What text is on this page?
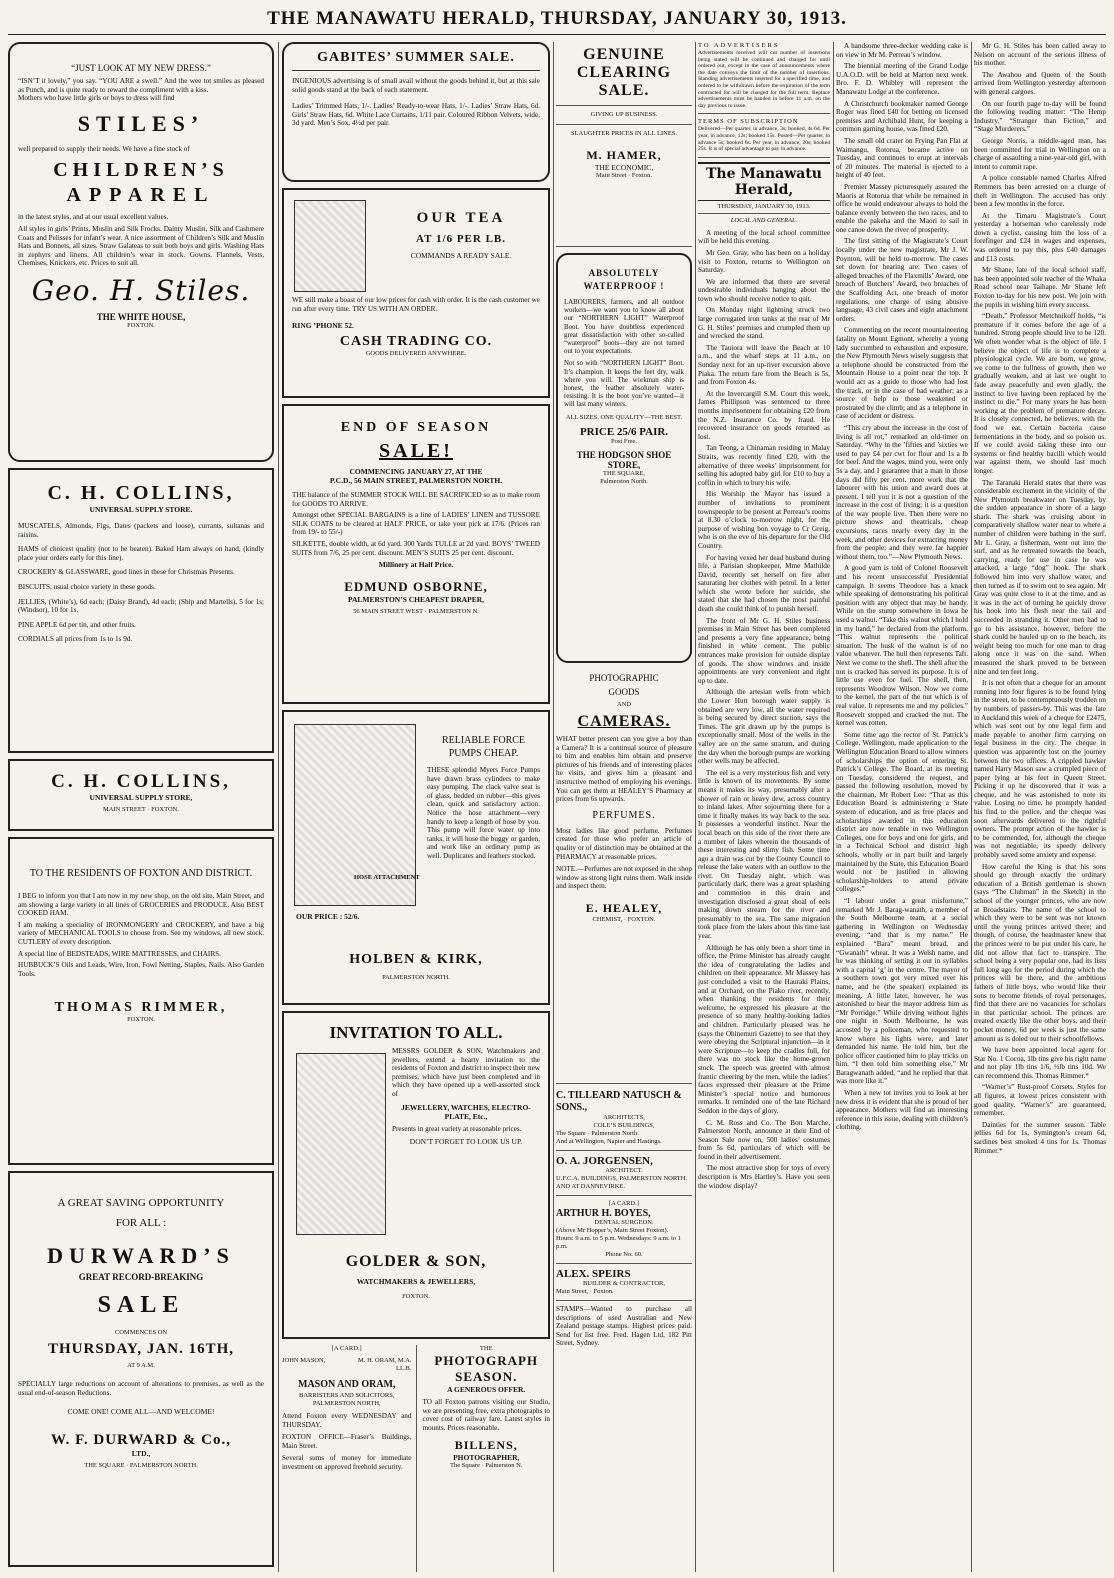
THE MANAWATU HERALD, THURSDAY, JANUARY 30, 1913.
“JUST LOOK AT MY NEW DRESS.”
“ISN’T it lovely,” you say. “YOU ARE a swell.” And the wee tot smiles as pleased as Punch, and is quite ready to reward the compliment with a kiss.
Mothers who have little girls or boys to dress will find
STILES’
well prepared to supply their needs. We have a fine stock of
CHILDREN’S
APPAREL
in the latest styles, and at our usual excellent values.
All styles in girls’ Prints, Muslin and Silk Frocks. Dainty Muslin, Silk and Cashmere Coats and Pelisses for infant’s wear. A nice assortment of Children’s Silk and Muslin Hats and Bonnets, all sizes. Straw Galateas to suit both boys and girls. Washing Hats in zephyrs and linens. All children’s wear in stock. Gowns, Flannels, Vests, Chemises, Knickers, etc. Prices to suit all.
Geo. H. Stiles.
THE WHITE HOUSE,
FOXTON.
C. H. COLLINS,
UNIVERSAL SUPPLY STORE.
MUSCATELS, Almonds, Figs, Dates (packets and loose), currants, sultanas and raisins.
HAMS of choicest quality (not to be beaten). Baked Ham always on hand, (kindly place your orders early for this line).
CROCKERY & GLASSWARE, good lines in these for Christmas Presents.
BISCUITS, usual choice variety in these goods.
JELLIES, (White’s), 6d each; (Daisy Brand), 4d each; (Ship and Martells), 5 for 1s; (Windsor), 10 for 1s.
PINE APPLE 6d per tin, and other fruits.
CORDIALS all prices from 1s to 1s 9d.
C. H. COLLINS,
UNIVERSAL SUPPLY STORE,
MAIN STREET · FOXTON.
TO THE RESIDENTS OF FOXTON AND DISTRICT.
I BEG to inform you that I am now in my new shop, on the old site, Main Street, and am showing a large variety in all lines of GROCERIES and PRODUCE. Also BEST COOKED HAM.
I am making a speciality of IRONMONGERY and CROCKERY, and have a big variety of MECHANICAL TOOLS to choose from. See my windows, all new stock. CUTLERY of every description.
A special line of BEDSTEADS, WIRE MATTRESSES, and CHAIRS.
HUBBUCK’S Oils and Leads, Wire, Iron, Fowl Netting, Staples, Nails. Also Garden Tools.
THOMAS RIMMER,
FOXTON.
A GREAT SAVING OPPORTUNITY
FOR ALL :
DURWARD’S
GREAT RECORD-BREAKING
SALE
COMMENCES ON
THURSDAY, JAN. 16TH,
AT 9 A.M.
SPECIALLY large reductions on account of alterations to premises, as well as the usual end-of-season Reductions.
COME ONE! COME ALL—AND WELCOME!
W. F. DURWARD & Co.,
LTD.,
THE SQUARE · PALMERSTON NORTH.
GABITES’ SUMMER SALE.
INGENIOUS advertising is of small avail without the goods behind it, but at this sale solid goods stand at the back of each statement.
Ladies’ Trimmed Hats, 1/-. Ladies’ Ready-to-wear Hats, 1/-. Ladies’ Straw Hats, 6d. Girls’ Straw Hats, 6d. White Lace Curtains, 1/11 pair. Coloured Ribbon Velvets, wide, 3d yard. Men’s Sox, 4½d per pair.
OUR TEA
AT 1/6 PER LB.
COMMANDS A READY SALE.
WE still make a boast of our low prices for cash with order. It is the cash customer we run after every time. TRY US WITH AN ORDER.
RING ’PHONE 52.
CASH TRADING CO.
GOODS DELIVERED ANYWHERE.
END OF SEASON
SALE!
COMMENCING JANUARY 27, AT THE
P.C.D., 56 MAIN STREET, PALMERSTON NORTH.
THE balance of the SUMMER STOCK WILL BE SACRIFICED so as to make room for GOODS TO ARRIVE.
Amongst other SPECIAL BARGAINS is a line of LADIES’ LINEN and TUSSORE SILK COATS to be cleared at HALF PRICE, or take your pick at 17/6. (Prices ran from 19/- to 55/-)
SILKETTE, double width, at 6d yard. 300 Yards TULLE at 2d yard. BOYS’ TWEED SUITS from 7/6, 25 per cent. discount. MEN’S SUITS 25 per cent. discount.
Millinery at Half Price.
EDMUND OSBORNE,
PALMERSTON’S CHEAPEST DRAPER,
56 MAIN STREET WEST · PALMERSTON N.
HOSE ATTACHMENT
OUR PRICE : 52/6.
RELIABLE FORCE PUMPS CHEAP.
THESE splendid Myers Force Pumps have drawn brass cylinders to make easy pumping. The clack valve seat is of glass, bedded on rubber—this gives clean, quick and satisfactory action. Notice the hose attachment—very handy to keep a length of hose by you. This pump will force water up into tanks, it will hose the buggy or garden, and work like an ordinary pump as well. Duplicates and leathers stocked.
HOLBEN & KIRK,
PALMERSTON NORTH.
INVITATION TO ALL.
MESSRS GOLDER & SON, Watchmakers and jewellers, extend a hearty invitation to the residents of Foxton and district to inspect their new premises, which have just been completed and in which they have opened up a well-assorted stock of
JEWELLERY, WATCHES, ELECTRO-PLATE, Etc.,
Presents in great variety at reasonable prices.
DON’T FORGET TO LOOK US UP.
GOLDER & SON,
WATCHMAKERS & JEWELLERS,
FOXTON.
[A CARD.]
JOHN MASON,	M. H. ORAM, M.A. LL.B.
MASON AND ORAM,
BARRISTERS AND SOLICITORS, PALMERSTON NORTH,
Attend Foxton every WEDNESDAY and THURSDAY.
FOXTON OFFICE—Fraser’s Buildings, Main Street.
Several sums of money for immediate investment on approved freehold security.
THE
PHOTOGRAPH
SEASON.
A GENEROUS OFFER.
TO all Foxton patrons visiting our Studio, we are presenting free, extra photographs to cover cost of railway fare. Latest styles in mounts. Prices reasonable.
BILLENS,
PHOTOGRAPHER,
The Square · Palmerston N.
GENUINE
CLEARING
SALE.
GIVING UP BUSINESS.
SLAUGHTER PRICES IN ALL LINES.
M. HAMER,
THE ECONOMIC,
Main Street · Foxton.
ABSOLUTELY WATERPROOF !
LABOURERS, farmers, and all outdoor workers—we want you to know all about our “NORTHERN LIGHT” Waterproof Boot. You have doubtless experienced great dissatisfaction with other so-called “waterproof” boots—they are not turned out to your expectations.
Not so with “NORTHERN LIGHT” Boot. It’s champion. It keeps the feet dry, walk where you will. The workman ship is honest, the leather absolutely water-resisting. It is the boot you’ve wanted—it will last many winters.
ALL SIZES. ONE QUALITY—THE BEST.
PRICE 25/6 PAIR.
Post Free.
THE HODGSON SHOE STORE,
THE SQUARE,
Palmerston North.
PHOTOGRAPHIC
GOODS
AND
CAMERAS.
WHAT better present can you give a boy than a Camera? It is a continual source of pleasure to him and enables him obtain and preserve pictures of his friends and of interesting places he visits, and gives him a pleasant and instructive method of employing his evenings. You can get them at HEALEY’S Pharmacy at prices from 6s upwards.
PERFUMES.
Most ladies like good perfume. Perfumes created for those who prefer an article of quality or of distinction may be obtained at the PHARMACY at reasonable prices.
NOTE.—Perfumes are not exposed in the shop window as strong light ruins them. Walk inside and inspect them.
E. HEALEY,
CHEMIST, · FOXTON.
C. TILLEARD NATUSCH & SONS.,
ARCHITECTS,
COLE’S BUILDINGS,
The Square · Palmerston North.
And at Wellington, Napier and Hastings.
O. A. JORGENSEN,
ARCHITECT.
U.F.C.A. BUILDINGS, PALMERSTON NORTH.
AND AT DANNEVIRKE.
[A CARD.]
ARTHUR H. BOYES,
DENTAL SURGEON.
(Above Mr Hopper’s, Main Street Foxton).
Hours: 9 a.m. to 5 p.m. Wednesdays: 9 a.m. to 1 p.m.
Phone No. 60.
ALEX. SPEIRS
BUILDER & CONTRACTOR,
Main Street, · Foxton.
STAMPS—Wanted to purchase all descriptions of used Australian and New Zealand postage stamps. Highest prices paid. Send for list free. Fred. Hagen Ltd, 182 Pitt Street, Sydney.
TO ADVERTISERS
Advertisements received will cut number of insertions being stated will be continued and charged for until ordered out, except in the case of announcements where the date conveys the limit of the number of insertions. Standing advertisements inserted for a specified time, and ordered to be withdrawn before the expiration of the term contracted for will be charged for the full term. Replace advertisements must be handed in before 11 a.m. on the day previous to issue.
TERMS OF SUBSCRIPTION
Delivered—Per quarter, in advance, 3s; booked, 4s 6d. Per year, in advance, 12s; booked 15s. Posted—Per quarter, in advance 5s; booked 6s. Per year, in advance, 20s; booked 25s. It is of special advantage to pay in advance.
The Manawatu Herald,
THURSDAY, JANUARY 30, 1913.
LOCAL AND GENERAL.
A meeting of the local school committee will be held this evening.
Mr Geo. Gray, who has been on a holiday visit to Foxton, returns to Wellington on Saturday.
We are informed that there are several undesirable individuals hanging about the town who should receive notice to quit.
On Monday night lightning struck two large corrugated iron tanks at the rear of Mr G. H. Stiles’ premises and crumpled them up and wrecked the stand.
The Tauiora will leave the Beach at 10 a.m., and the wharf steps at 11 a.m., on Sunday next for an up-river excursion above Piaka. The return fare from the Beach is 5s, and from Foxton 4s.
At the Invercargill S.M. Court this week, James Phillipson was sentenced to three months imprisonment for obtaining £20 from the N.Z. Insurance Co. by fraud. He recovered insurance on goods returned as lost.
Tan Teong, a Chinaman residing in Malay Straits, was recently fined £20, with the alternative of three weeks’ imprisonment for selling his adopted baby girl for £10 to buy a coffin in which to bury his wife.
His Worship the Mayor has issued a number of invitations to prominent townspeople to be present at Perreau’s rooms at 8.30 o’clock to-morrow night, for the purpose of wishing bon voyage to Cr Greig, who is on the eve of his departure for the Old Country.
For having vexed her dead husband during life, a Parisian shopkeeper, Mme Mathilde David, recently set herself on fire after saturating her clothes with petrol. In a letter which she wrote before her suicide, she stated that she had chosen the most painful death she could think of to punish herself.
The front of Mr G. H. Stiles business premises in Main Street has been completed and presents a very fine appearance, being finished in white cement. The public entrances make provision for outside display of goods. The show windows and inside appointments are very convenient and right up to date.
Although the artesian wells from which the Lower Hutt borough water supply is obtained are very low, all the water required is being secured by direct suction, says the Times. The grit drawn up by the pumps is exceptionally small. Most of the wells in the valley are on the same stratum, and during the day when the borough pumps are working other wells may be affected.
The eel is a very mysterious fish and very little is known of its movements. By some means it makes its way, presumably after a shower of rain or heavy dew, across country to inland lakes. After sojourning there for a time it finally makes its way back to the sea. It possesses a wonderful instinct. Near the local beach on this side of the river there are a number of lakes wherein the thousands of these interesting and slimy fish. Some time ago a drain was cut by the County Council to release the lake waters with an outflow to the river. On Tuesday night, which was particularly dark, there was a great splashing and commotion in this drain and investigation disclosed a great shoal of eels making down stream for the river and presumably to the sea. The same migration took place from the lakes about this time last year.
Although he has only been a short time in office, the Prime Minister has already caught the idea of congratulating the ladies and children on their appearance. Mr Massey has just concluded a visit to the Hauraki Plains, and at Orchard, on the Piako river, recently, when thanking the residents for their welcome, he expressed his pleasure at the presence of so many healthy-looking ladies and children. Particularly pleased was he (says the Ohinemuri Gazette) to see that they were obeying the Scriptural injunction—in it were Scripture—to keep the cradles full, for there was no stock like the home-grown stock. The speech was greeted with almost frantic cheering by the men, while the ladies’ faces expressed their pleasure at the Prime Minister’s special notice and humorous remarks. It reminded one of the late Richard Seddon in the days of glory.
C. M. Ross and Co. The Bon Marche, Palmerston North, announce at their End of Season Sale now on, 500 ladies’ costumes from 5s 6d, particulars of which will be found in their advertisement.
The most attractive shop for toys of every description is Mrs Hartley’s. Have you seen the window display?
A handsome three-decker wedding cake is on view in Mr M. Perreau’s window.
The biennial meeting of the Grand Lodge U.A.O.D. will be held at Marton next week. Bro. F. D. Whibley will represent the Manawatu Lodge at the conference.
A Christchurch bookmaker named George Roger was fined £40 for betting on licensed premises and Archibald Hunt, for keeping a common gaming house, was fined £20.
The small old crater on Frying Pan Flat at Waimangu, Rotorua, became active on Tuesday, and continues to erupt at intervals of 20 minutes. The material is ejected to a height of 40 feet.
Premier Massey picturesquely assured the Maoris at Rotorua that while he remained in office he would endeavour always to hold the balance evenly between the two races, and to enable the pakeha and the Maori to sail in one canoe down the river of prosperity.
The first sitting of the Magistrate’s Court locally under the new magistrate, Mr J. W. Poynton, will be held to-morrow. The cases set down for hearing are: Two cases of alleged breaches of the Flaxmills’ Award, one breach of Butchers’ Award, two breaches of the Scaffolding Act, one breach of motor regulations, one charge of using abusive language, 43 civil cases and eight attachment orders.
Commenting on the recent mountaineering fatality on Mount Egmont, whereby a young lady succumbed to exhaustion and exposure, the New Plymouth News wisely suggests that a telephone should be constructed from the Mountain House to a point near the top. It would act as a guide to those who had lost the track, or in the case of bad weather; as a source of help to those weakened or prostrated by the climb; and as a telephone in case of accident or distress.
“This cry about the increase in the cost of living is all rot,” remarked an old-timer on Saturday. “Why in the ’fifties and ’sixties we used to pay £4 per cwt for flour and 1s a lb for beef. And the wages, mind you, were only 5s a day, and I guarantee that a man in those days did fifty per cent. more work that the labourer with his union and award does at present. I tell you it is not a question of the increase in the cost of living; it is a question of the way people live. Then there were no picture shows and theatricals, cheap excursions, races nearly every day in the week, and other devices for extracting money from the people; and they were far happier without them, too.”—New Plymouth News.
A good yarn is told of Colonel Roosevelt and his recent unsuccessful Presidential campaign. It seems Theodore has a knack while speaking of demonstrating his political position with any object that may be handy. While on the stump somewhere in Iowa he used a walnut. “Take this walnut which I hold in my hand,” he declared from the platform. “This walnut represents the political situation. The husk of the walnut is of no value whatever. The hull then represents Taft. Next we come to the shell. The shell after the nut is cracked has served its purpose. It is of little use even for fuel. The shell, then, represents Woodrow Wilson. Now we come to the kernel, the part of the nut which is of real value. It represents me and my policies.” Roosevelt stopped and cracked the nut. The kernel was rotten.
Some time ago the rector of St. Patrick’s College, Wellington, made application to the Wellington Education Board to allow winners of scholarships the option of entering St. Patrick’s College. The Board, at its meeting on Tuesday, considered the request, and passed the following resolution, moved by the chairman, Mr Robert Lee: “That as this Education Board is administering a State system of education, and as free places and scholarships awarded in this education district are now tenable in two Wellington Colleges, one for boys and one for girls, and in a Technical School and district high schools, wholly or in part built and largely maintained by the State, this Education Board would not be justified in allowing scholarship-holders to attend private colleges.”
“I labour under a great misfortune,” remarked Mr J. Barag-wanath, a member of the South Melbourne team, at a social gathering in Wellington on Wednesday evening, “and that is my name.” He explained “Bara” meant bread, and “Gwanath” wheat. It was a Welsh name, and he was thinking of setting it out in syllables with a capital ‘g’ in the centre. The mayor of a southern town got very mixed over his name, and he (the speaker) explained its meaning. A little later, however, he was astonished to hear the mayor address him as “Mr Porridge.” While driving without lights one night in South Melbourne, he was accosted by a policeman, who requested to know where his lights were, and later demanded his name. He told him, but the police officer cautioned him to play tricks on him. “I then told him something else,” Mr Baragwanath added, “and he replied that that was more like it.”
When a new tot invites you to look at her new dress it is evident that she is proud of her appearance. Mothers will find an interesting reference in this issue, dealing with children’s clothing.
Mr G. H. Stiles has been called away to Nelson on account of the serious illness of his mother.
The Awahou and Queen of the South arrived from Wellington yesterday afternoon with general cargoes.
On our fourth page to-day will be found the following reading matter: “The Hemp Industry,” “Stranger than Fiction,” and “Stage Murderers.”
George Norris, a middle-aged man, has been committed for trial in Wellington on a charge of assaulting a nine-year-old girl, with intent to commit rape.
A police constable named Charles Alfred Remmers has been arrested on a charge of theft in Wellington. The accused has only been a few months in the force.
At the Timaru Magistrate’s Court yesterday a horseman who carelessly rode down a cyclist, causing him the loss of a forefinger and £24 in wages and expenses, was ordered to pay this, plus £40 damages and £13 costs.
Mr Shane, late of the local school staff, has been appointed sole teacher of the Whaka Road school near Taihape. Mr Shane left Foxton to-day for his new post. We join with the pupils in wishing him every success.
“Death,” Professor Metchnikoff holds, “is premature if it comes before the age of a hundred. Strong people should live to be 120. We often wonder what is the object of life. I believe the object of life is to complete a physiological cycle. We are born, we grow, we come to the fullness of growth, then we gradually weaken, and at last we ought to fade away peacefully and even gladly, the instinct to live having been replaced by the instinct to die.” For many years he has been working at the problem of premature decay. It is closely connected, he believes, with the food we eat. Certain bacteria cause fermentations in the body, and so poison us. If we could avoid taking these into our systems or find healthy bacilli which would war against them, we should last much longer.
The Taranaki Herald states that there was considerable excitement in the vicinity of the New Plymouth breakwater on Tuesday, by the sudden appearance in shore of a large shark. The shark was cruising about in comparatively shallow water near to where a number of children were bathing in the surf. Mr L. Gray, a fisherman, went out into the surf, and as he retreated towards the beach, carrying, ready for use in case he was attacked, a large “dog” hook. The shark followed him into very shallow water, and then turned as if to swim out to sea again. Mr Gray was quite close to it at the time, and as it was in the act of turning he quickly drove his hook into his flesh near the tail and succeeded in stranding it. Other men had to go to his assistance, however, before the shark could be hauled up on to the beach, its weight being too much for one man to drag along once it was on the sand. When measured the shark proved to be between nine and ten feet long.
It is not often that a cheque for an amount running into four figures is to be found lying in the street, to be contemptuously trodden on by numbers of passers-by. This was the fate in Auckland this week of a cheque for £2475, which was sent out by one legal firm and made payable to another firm carrying on legal business in the city. The cheque in question was apparently lost on the journey between the two offices. A crippled hawker named Harry Mason saw a crumpled piece of paper lying at his feet in Queen Street. Picking it up he discovered that it was a cheque, and he was astonished to note its value. Losing no time, he promptly handed his find to the police, and the cheque was soon afterwards delivered to the rightful owners. The prompt action of the hawker is to be commended, for, although the cheque was not negotiable, its speedy delivery probably saved some anxiety and expense.
How careful the King is that his sons should go through exactly the ordinary education of a British gentleman is shown (says “The Clubman” in the Sketch) in the school of the younger princes, who are now at Broadstairs. The name of the school to which they were to be sent was not known until the young princes arrived there; and though, of course, the headmaster knew that the princes were to be put under his care, he did not allow that fact to transpire. The school being a very popular one, had its lists full long ago for the period during which the princes will be there, and the ambitious fathers of little boys, who would like their sons to become friends of royal personages, find that there are no vacancies for scholars in that particular school. The princes are treated exactly like the other boys, and their pocket money, 6d per week is just the same amount as is doled out to their schoolfellows.
We have been appointed local agent for Star No. 1 Cocoa, 1lb tins give his right name and not play 1lb tins 1/6, ½lb tins 10d. We can recommend this. Thomas Rimmer.*
“Warner’s” Rust-proof Corsets. Styles for all figures, at lowest prices consistent with good quality. “Warner’s” are guaranteed, remember.
Dainties for the summer season. Table jellies 6d for 1s, Symington’s cream 6d, sardines best smoked 4 tins for 1s. Thomas Rimmer.*
